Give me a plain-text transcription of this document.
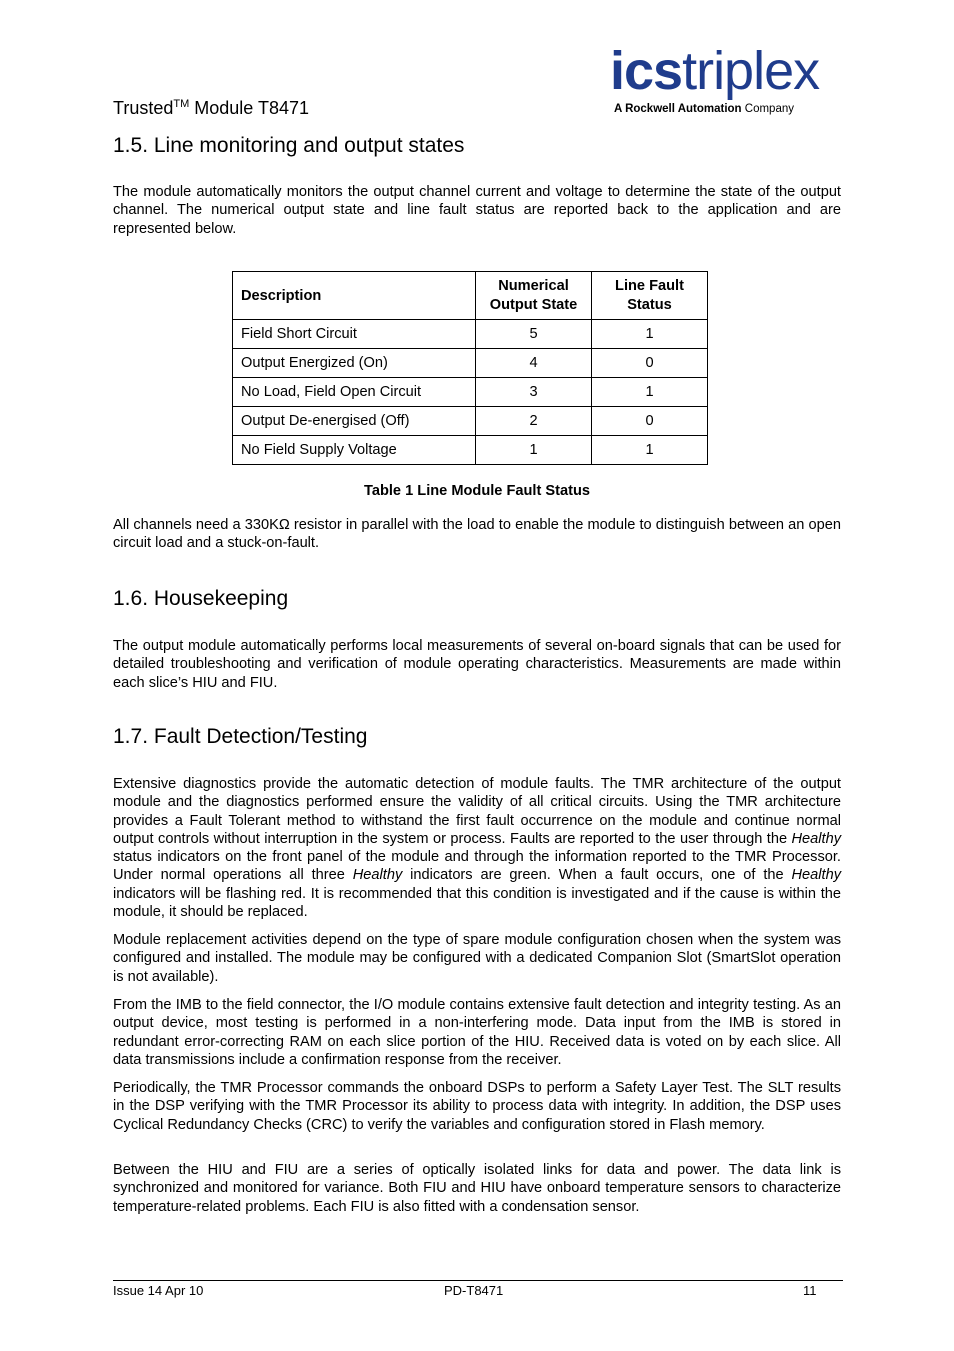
Trusted™ Module T8471
icstriplex
A Rockwell Automation Company
1.5. Line monitoring and output states
The module automatically monitors the output channel current and voltage to determine the state of the output channel. The numerical output state and line fault status are reported back to the application and are represented below.
Description	Numerical Output State	Line Fault Status
Field Short Circuit	5	1
Output Energized (On)	4	0
No Load, Field Open Circuit	3	1
Output De-energised (Off)	2	0
No Field Supply Voltage	1	1
Table 1 Line Module Fault Status
All channels need a 330KΩ resistor in parallel with the load to enable the module to distinguish between an open circuit load and a stuck-on-fault.
1.6. Housekeeping
The output module automatically performs local measurements of several on-board signals that can be used for detailed troubleshooting and verification of module operating characteristics. Measurements are made within each slice’s HIU and FIU.
1.7. Fault Detection/Testing
Extensive diagnostics provide the automatic detection of module faults. The TMR architecture of the output module and the diagnostics performed ensure the validity of all critical circuits. Using the TMR architecture provides a Fault Tolerant method to withstand the first fault occurrence on the module and continue normal output controls without interruption in the system or process. Faults are reported to the user through the Healthy status indicators on the front panel of the module and through the information reported to the TMR Processor. Under normal operations all three Healthy indicators are green. When a fault occurs, one of the Healthy indicators will be flashing red. It is recommended that this condition is investigated and if the cause is within the module, it should be replaced.
Module replacement activities depend on the type of spare module configuration chosen when the system was configured and installed. The module may be configured with a dedicated Companion Slot (SmartSlot operation is not available).
From the IMB to the field connector, the I/O module contains extensive fault detection and integrity testing. As an output device, most testing is performed in a non-interfering mode. Data input from the IMB is stored in redundant error-correcting RAM on each slice portion of the HIU. Received data is voted on by each slice. All data transmissions include a confirmation response from the receiver.
Periodically, the TMR Processor commands the onboard DSPs to perform a Safety Layer Test. The SLT results in the DSP verifying with the TMR Processor its ability to process data with integrity. In addition, the DSP uses Cyclical Redundancy Checks (CRC) to verify the variables and configuration stored in Flash memory.
Between the HIU and FIU are a series of optically isolated links for data and power. The data link is synchronized and monitored for variance. Both FIU and HIU have onboard temperature sensors to characterize temperature-related problems. Each FIU is also fitted with a condensation sensor.
Issue 14 Apr 10	PD-T8471	11
